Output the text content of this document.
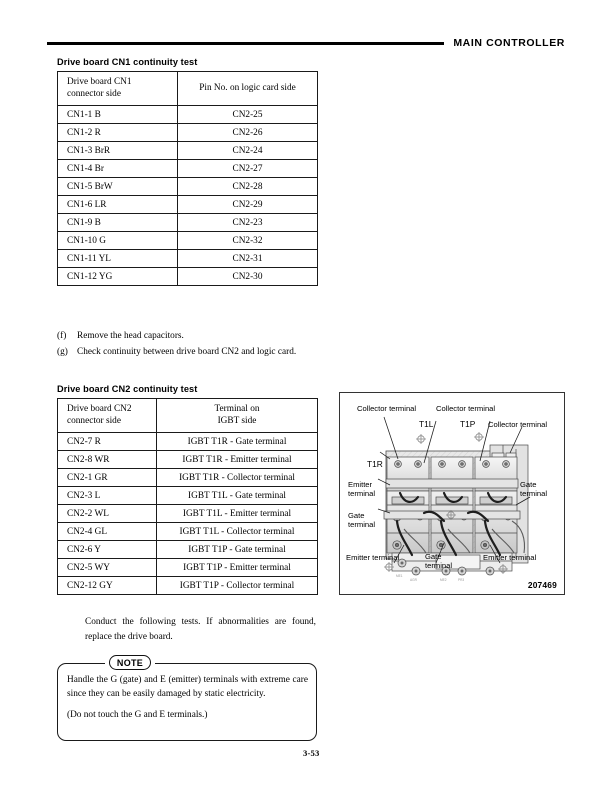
MAIN CONTROLLER
Drive board CN1 continuity test
Drive board CN1
connector side	Pin No. on logic card side
CN1-1 B	CN2-25
CN1-2 R	CN2-26
CN1-3 BrR	CN2-24
CN1-4 Br	CN2-27
CN1-5 BrW	CN2-28
CN1-6 LR	CN2-29
CN1-9 B	CN2-23
CN1-10 G	CN2-32
CN1-11 YL	CN2-31
CN1-12 YG	CN2-30
(f)	Remove the head capacitors.
(g) Check continuity between drive board CN2 and logic card.
Drive board CN2 continuity test
Drive board CN2
connector side	Terminal on
IGBT side
CN2-7 R	IGBT T1R - Gate terminal
CN2-8 WR	IGBT T1R - Emitter terminal
CN2-1 GR	IGBT T1R - Collector terminal
CN2-3 L	IGBT T1L - Gate terminal
CN2-2 WL	IGBT T1L - Emitter terminal
CN2-4 GL	IGBT T1L - Collector terminal
CN2-6 Y	IGBT T1P - Gate terminal
CN2-5 WY	IGBT T1P - Emitter terminal
CN2-12 GY	IGBT T1P - Collector terminal
ME1
AGR	ME2	PR3	207469
Collector terminal	Collector terminal
Collector terminal
T1L	T1P
T1R
Emitter
terminal
Gate
terminal
Gate
terminal
Emitter terminal	Gate
terminal
Emitter terminal
Conduct the following tests. If abnormalities are found, replace the drive board.
NOTE
Handle the G (gate) and E (emitter) terminals with extreme care since they can be easily damaged by static electricity.
(Do not touch the G and E terminals.)
3-53
